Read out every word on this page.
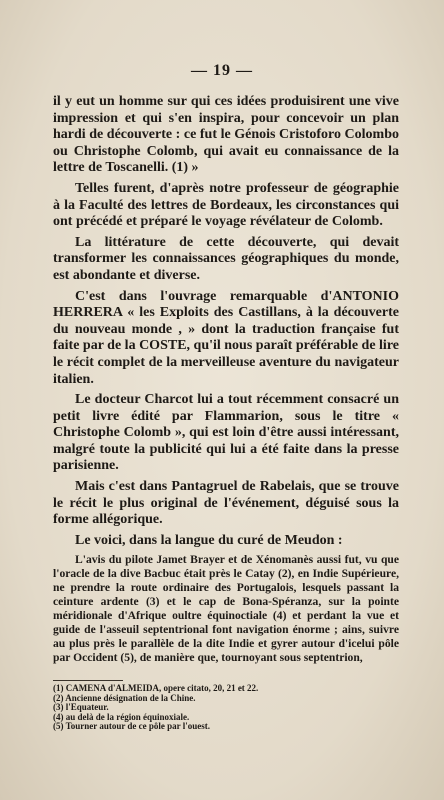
— 19 —

il y eut un homme sur qui ces idées produisirent une vive impression et qui s'en inspira, pour concevoir un plan hardi de découverte : ce fut le Génois Cristoforo Colombo ou Christophe Colomb, qui avait eu connaissance de la lettre de Toscanelli. (1) »

Telles furent, d'après notre professeur de géographie à la Faculté des lettres de Bordeaux, les circonstances qui ont précédé et préparé le voyage révélateur de Colomb.

La littérature de cette découverte, qui devait transformer les connaissances géographiques du monde, est abondante et diverse.

C'est dans l'ouvrage remarquable d'ANTONIO HERRERA « les Exploits des Castillans, à la découverte du nouveau monde , » dont la traduction française fut faite par de la COSTE, qu'il nous paraît préférable de lire le récit complet de la merveilleuse aventure du navigateur italien.

Le docteur Charcot lui a tout récemment consacré un petit livre édité par Flammarion, sous le titre « Christophe Colomb », qui est loin d'être aussi intéressant, malgré toute la publicité qui lui a été faite dans la presse parisienne.

Mais c'est dans Pantagruel de Rabelais, que se trouve le récit le plus original de l'événement, déguisé sous la forme allégorique.

Le voici, dans la langue du curé de Meudon :

L'avis du pilote Jamet Brayer et de Xénomanès aussi fut, vu que l'oracle de la dive Bacbuc était près le Catay (2), en Indie Supérieure, ne prendre la route ordinaire des Portugalois, lesquels passant la ceinture ardente (3) et le cap de Bona-Spéranza, sur la pointe méridionale d'Afrique oultre équinoctiale (4) et perdant la vue et guide de l'asseuil septentrional font navigation énorme ; ains, suivre au plus près le parallèle de la dite Indie et gyrer autour d'icelui pôle par Occident (5), de manière que, tournoyant sous septentrion,

(1) CAMENA d'ALMEIDA, opere citato, 20, 21 et 22.

(2) Ancienne désignation de la Chine.

(3) l'Equateur.

(4) au delà de la région équinoxiale.

(5) Tourner autour de ce pôle par l'ouest.
